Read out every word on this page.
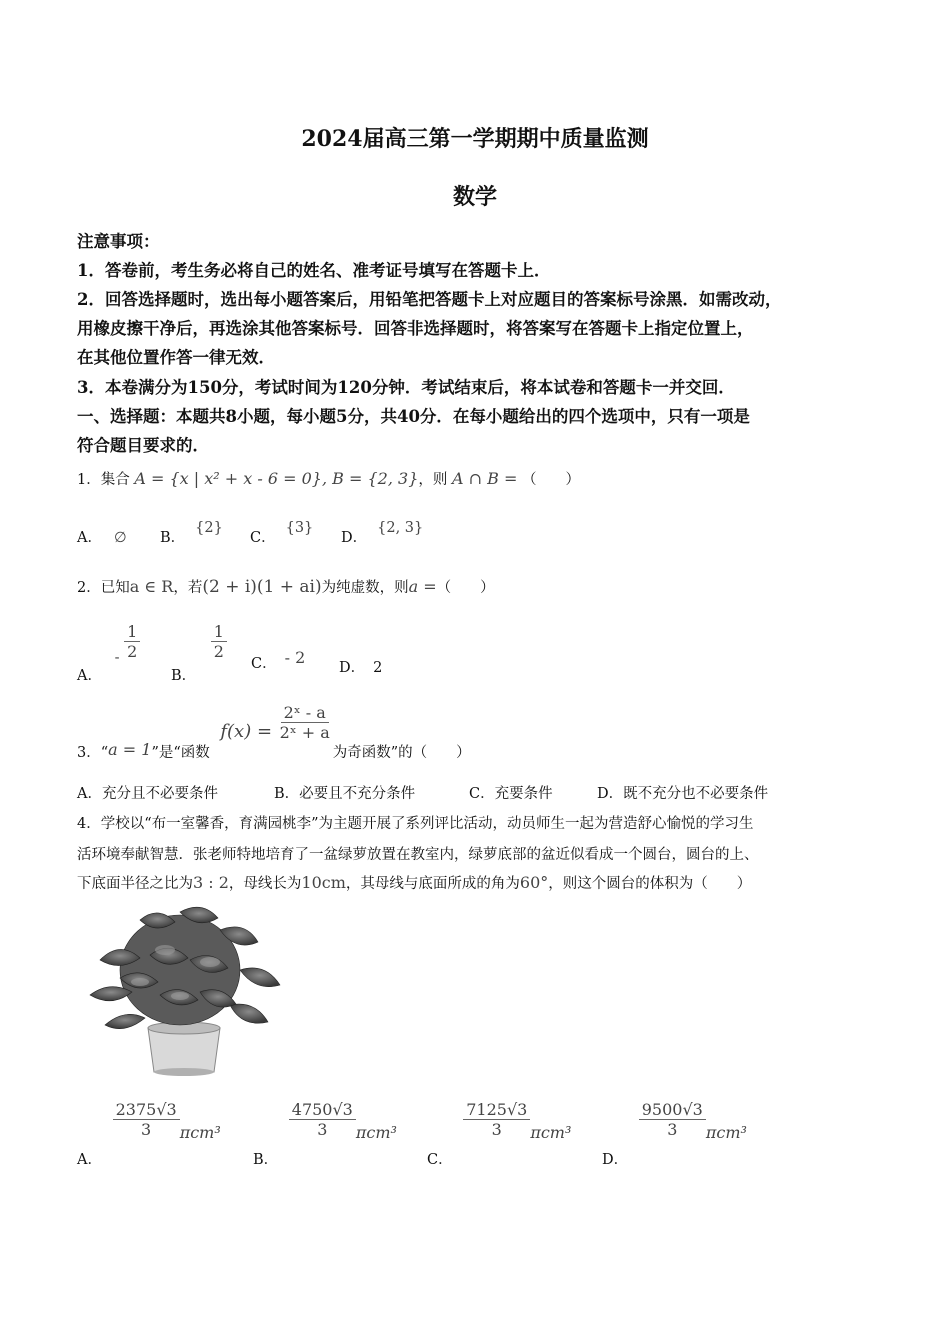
2024届高三第一学期期中质量监测
数学
注意事项：
1．答卷前，考生务必将自己的姓名、准考证号填写在答题卡上．
2．回答选择题时，选出每小题答案后，用铅笔把答题卡上对应题目的答案标号涂黑．如需改动，
用橡皮擦干净后，再选涂其他答案标号．回答非选择题时，将答案写在答题卡上指定位置上，
在其他位置作答一律无效．
3．本卷满分为150分，考试时间为120分钟．考试结束后，将本试卷和答题卡一并交回．
一、选择题：本题共8小题，每小题5分，共40分．在每小题给出的四个选项中，只有一项是
符合题目要求的．
1．集合 A = {x | x² + x - 6 = 0}, B = {2, 3}，则 A ∩ B = （　　）
A． ∅ B．{2}
C．{3}
D．{2, 3}
2．已知a ∈ R，若(2 + i)(1 + ai)为纯虚数，则a =（　　）
A． - $\frac{1}{2}$
B．
$\frac{1}{2}$
C． - 2
D． 2
3．“a = 1”是“函数 $f(x) = \frac{\text{2ˣ - a}}{\text{2ˣ + a}}$
为奇函数”的（　　）
A．充分且不必要条件	B．必要且不充分条件	C．充要条件	D．既不充分也不必要条件
4．学校以“布一室馨香，育满园桃李”为主题开展了系列评比活动，动员师生一起为营造舒心愉悦的学习生
活环境奉献智慧．张老师特地培育了一盆绿萝放置在教室内，绿萝底部的盆近似看成一个圆台，圆台的上、
下底面半径之比为3 : 2，母线长为10cm，其母线与底面所成的角为60°，则这个圆台的体积为（　　）
A．
$\frac{2375√3}{3} \pi cm^3$
B．
$\frac{4750√3}{3} \pi cm^3$
C．
$\frac{7125√3}{3} \pi cm^3$
D．
$\frac{9500√3}{3} \pi cm^3$
